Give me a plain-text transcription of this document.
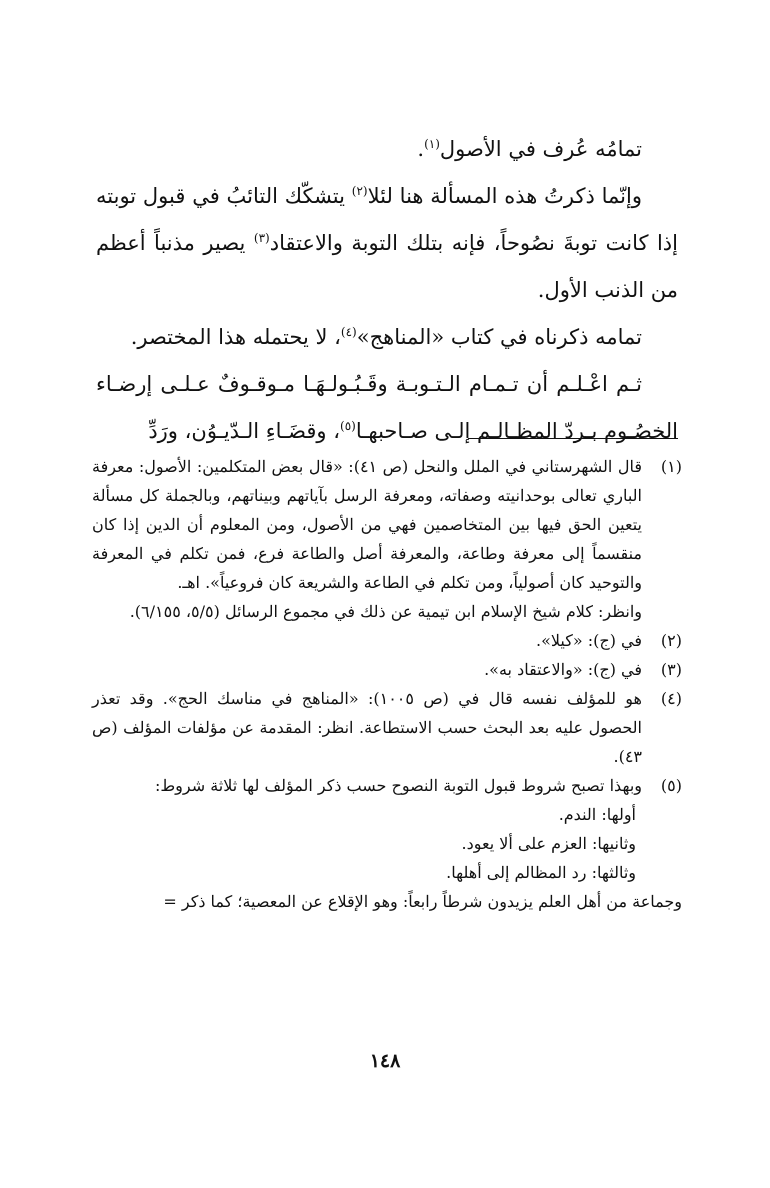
تمامُه عُرف في الأصول$^{(١)}$.

وإنّما ذكرتُ هذه المسألة هنا لئلا$^{(٢)}$ يتشكّك التائبُ في قبول توبته إذا كانت توبةَ نصُوحاً، فإنه بتلك التوبة والاعتقاد$^{(٣)}$ يصير مذنباً أعظم من الذنب الأول.

تمامه ذكرناه في كتاب «المناهج»$^{(٤)}$، لا يحتمله هذا المختصر.

ثـم اعْـلـم أن تـمـام الـتـوبـة وقَـبُـولـهَـا مـوقـوفٌ عـلـى إرضـاء الخصُـوم بـردّ المظـالـم إلـى صـاحبهـا$^{(٥)}$، وقضَـاءِ الـدّيـوُن، ورَدِّ

(١)

قال الشهرستاني في الملل والنحل (ص ٤١): «قال بعض المتكلمين: الأصول: معرفة الباري تعالى بوحدانيته وصفاته، ومعرفة الرسل بآياتهم وبيناتهم، وبالجملة كل مسألة يتعين الحق فيها بين المتخاصمين فهي من الأصول، ومن المعلوم أن الدين إذا كان منقسماً إلى معرفة وطاعة، والمعرفة أصل والطاعة فرع، فمن تكلم في المعرفة والتوحيد كان أصولياً، ومن تكلم في الطاعة والشريعة كان فروعياً». اهـ.

وانظر: كلام شيخ الإسلام ابن تيمية عن ذلك في مجموع الرسائل (٥/٥، ٦/١٥٥).

(٢)

في (ج): «كيلا».

(٣)

في (ج): «والاعتقاد به».

(٤)

هو للمؤلف نفسه قال في (ص ١٠٠٥): «المناهج في مناسك الحج». وقد تعذر الحصول عليه بعد البحث حسب الاستطاعة. انظر: المقدمة عن مؤلفات المؤلف (ص ٤٣).

(٥)

وبهذا تصبح شروط قبول التوبة النصوح حسب ذكر المؤلف لها ثلاثة شروط:

أولها: الندم.

وثانيها: العزم على ألا يعود.

وثالثها: رد المظالم إلى أهلها.

وجماعة من أهل العلم يزيدون شرطاً رابعاً: وهو الإقلاع عن المعصية؛ كما ذكر =

١٤٨
